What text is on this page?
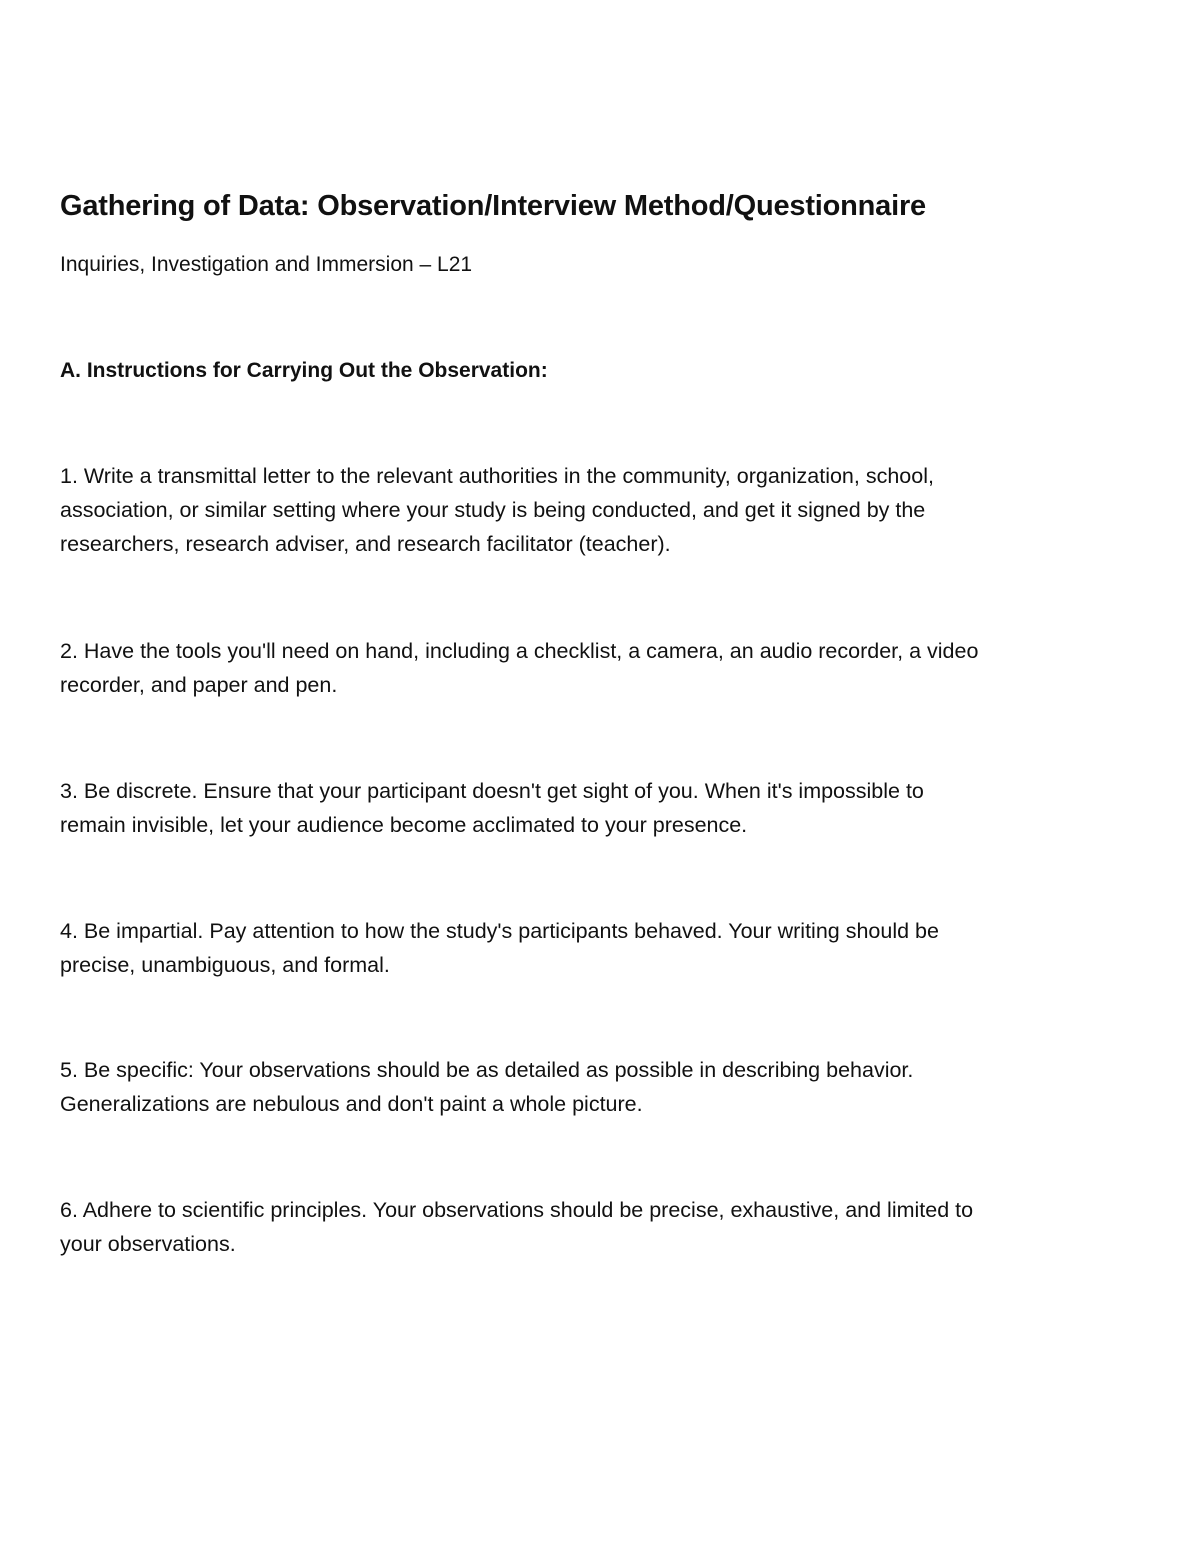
Gathering of Data: Observation/Interview Method/Questionnaire
Inquiries, Investigation and Immersion – L21
A. Instructions for Carrying Out the Observation:

1. Write a transmittal letter to the relevant authorities in the community, organization, school,
association, or similar setting where your study is being conducted, and get it signed by the
researchers, research adviser, and research facilitator (teacher).

2. Have the tools you'll need on hand, including a checklist, a camera, an audio recorder, a video
recorder, and paper and pen.

3. Be discrete. Ensure that your participant doesn't get sight of you. When it's impossible to
remain invisible, let your audience become acclimated to your presence.

4. Be impartial. Pay attention to how the study's participants behaved. Your writing should be
precise, unambiguous, and formal.

5. Be specific: Your observations should be as detailed as possible in describing behavior.
Generalizations are nebulous and don't paint a whole picture.

6. Adhere to scientific principles. Your observations should be precise, exhaustive, and limited to
your observations.
